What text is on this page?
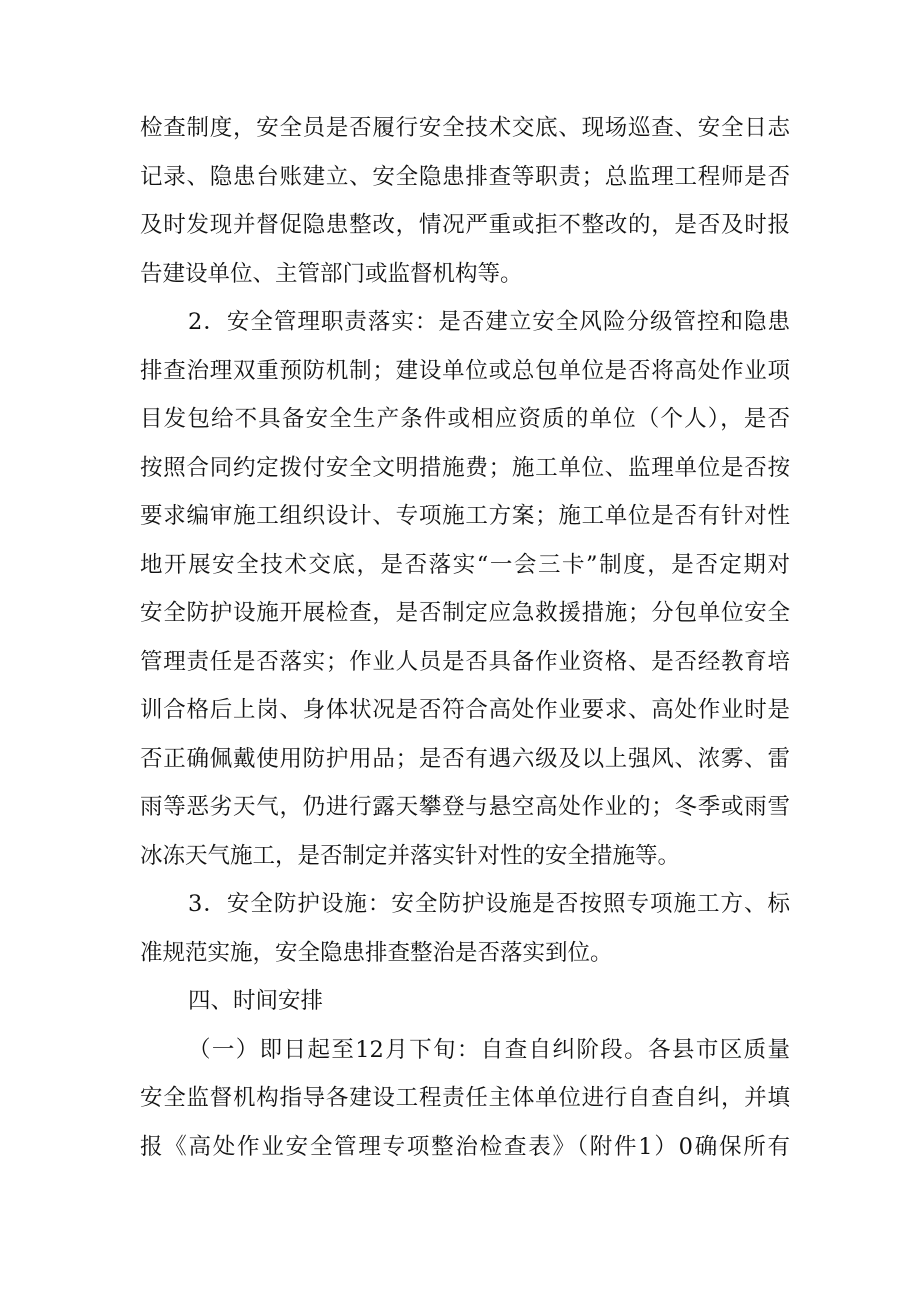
检查制度，安全员是否履行安全技术交底、现场巡查、安全日志
记录、隐患台账建立、安全隐患排查等职责；总监理工程师是否
及时发现并督促隐患整改，情况严重或拒不整改的，是否及时报
告建设单位、主管部门或监督机构等。
2．安全管理职责落实：是否建立安全风险分级管控和隐患
排查治理双重预防机制；建设单位或总包单位是否将高处作业项
目发包给不具备安全生产条件或相应资质的单位（个人），是否
按照合同约定拨付安全文明措施费；施工单位、监理单位是否按
要求编审施工组织设计、专项施工方案；施工单位是否有针对性
地开展安全技术交底，是否落实“一会三卡”制度，是否定期对
安全防护设施开展检查，是否制定应急救援措施；分包单位安全
管理责任是否落实；作业人员是否具备作业资格、是否经教育培
训合格后上岗、身体状况是否符合高处作业要求、高处作业时是
否正确佩戴使用防护用品；是否有遇六级及以上强风、浓雾、雷
雨等恶劣天气，仍进行露天攀登与悬空高处作业的；冬季或雨雪
冰冻天气施工，是否制定并落实针对性的安全措施等。
3．安全防护设施：安全防护设施是否按照专项施工方、标
准规范实施，安全隐患排查整治是否落实到位。
四、时间安排
（一）即日起至12月下旬：自查自纠阶段。各县市区质量
安全监督机构指导各建设工程责任主体单位进行自查自纠，并填
报《高处作业安全管理专项整治检查表》（附件1）0确保所有
